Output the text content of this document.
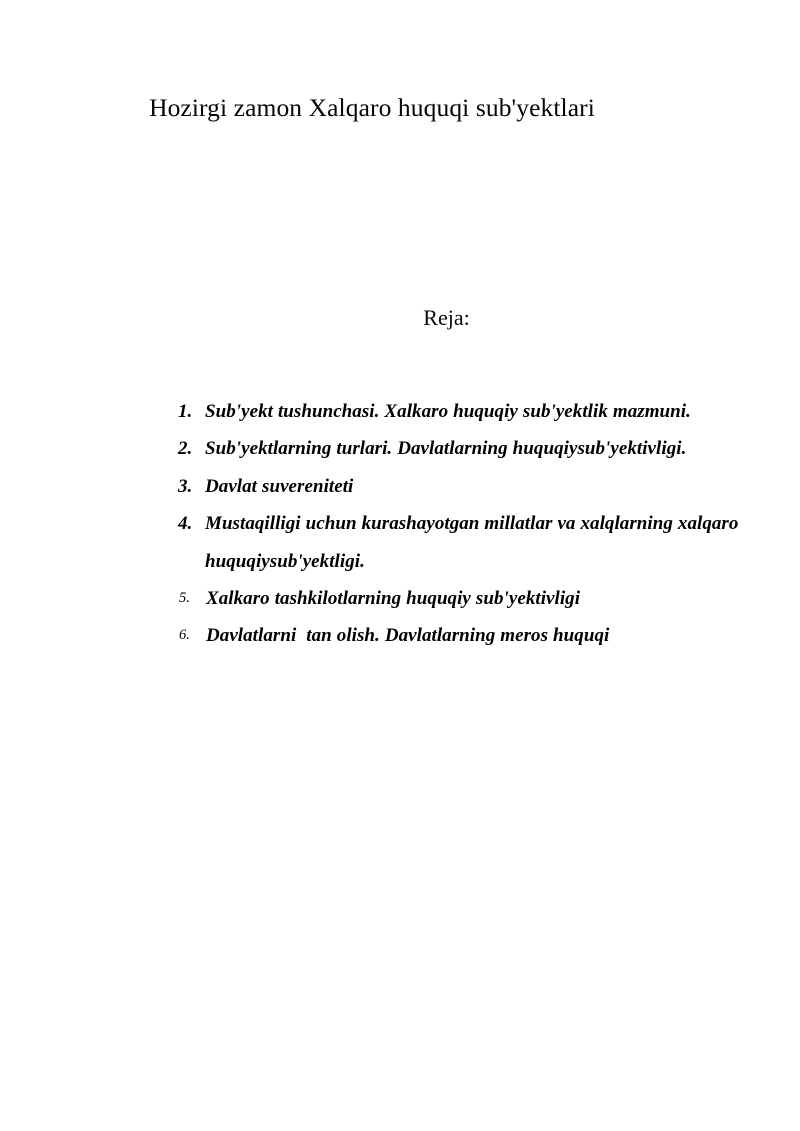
Hozirgi zamon Xalqaro huquqi sub'yektlari
Reja:
1. Sub'yekt tushunchasi. Xalkaro huquqiy sub'yektlik mazmuni.
2. Sub'yektlarning turlari. Davlatlarning huquqiysub'yektivligi.
3. Davlat suvereniteti
4. Mustaqilligi uchun kurashayotgan millatlar va xalqlarning xalqaro huquqiysub'yektligi.
5. Xalkaro tashkilotlarning huquqiy sub'yektivligi
6. Davlatlarni  tan olish. Davlatlarning meros huquqi
